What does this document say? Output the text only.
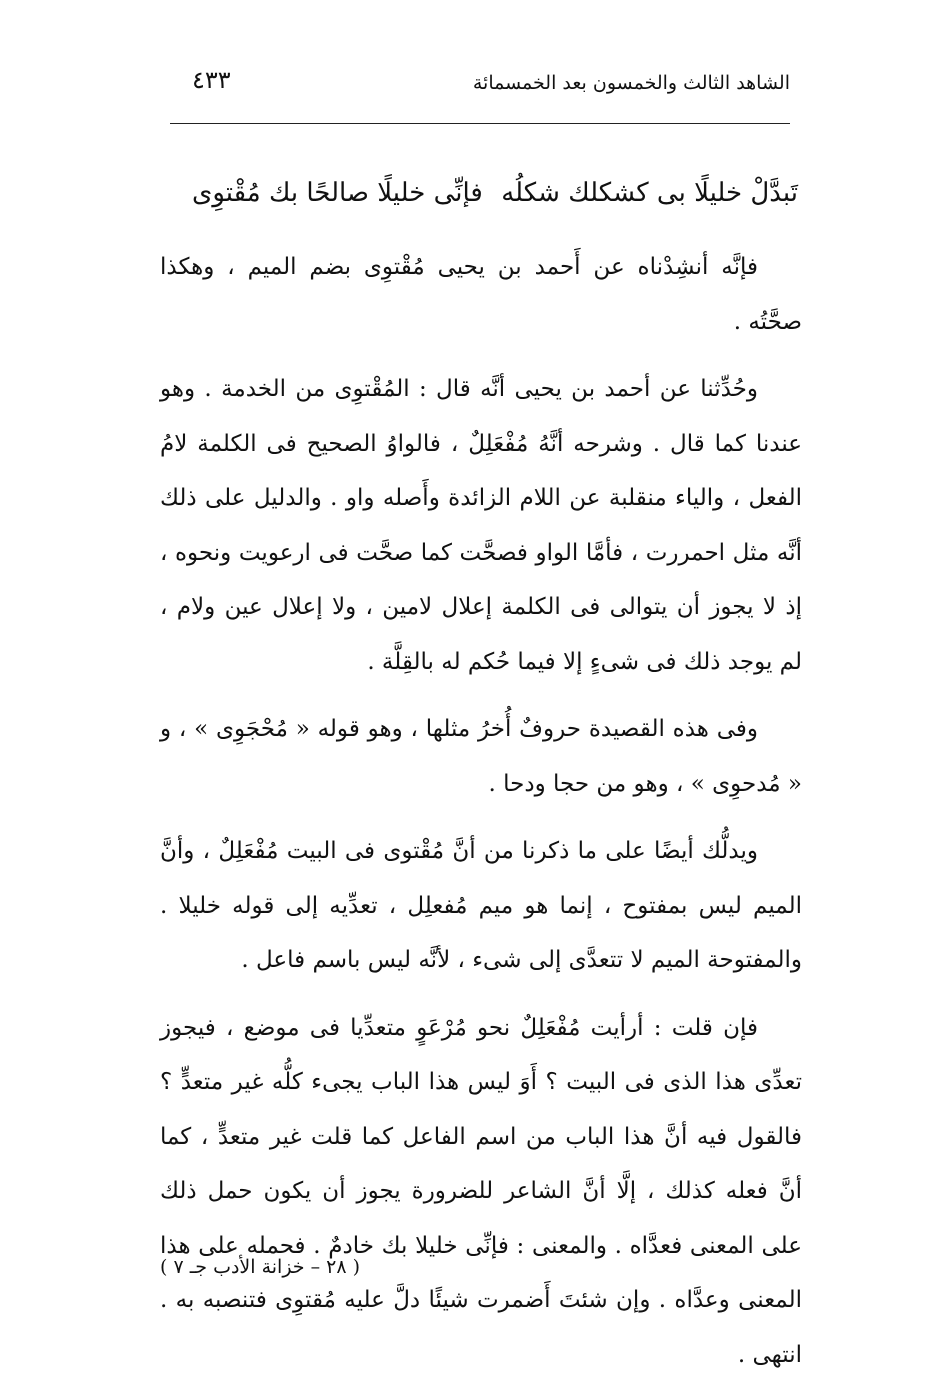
الشاهد الثالث والخمسون بعد الخمسمائة
٤٣٣
تَبدَّلْ خليلًا بى كشكلك شكلُه
فإنِّى خليلًا صالحًا بك مُقْتوِى

فإنَّه أنشِدْناه عن أَحمد بن يحيى مُقْتوِى بضم الميم ، وهكذا صحَّتُه .

وحُدِّثنا عن أحمد بن يحيى أنَّه قال : المُقْتوِى من الخدمة . وهو عندنا كما قال . وشرحه أنَّهُ مُفْعَلِلٌ ، فالواوُ الصحيح فى الكلمة لامُ الفعل ، والياء منقلبة عن اللام الزائدة وأَصله واو . والدليل على ذلك أنَّه مثل احمررت ، فأمَّا الواو فصحَّت كما صحَّت فى ارعويت ونحوه ، إذ لا يجوز أن يتوالى فى الكلمة إعلال لامين ، ولا إعلال عين ولام ، لم يوجد ذلك فى شىءٍ إلا فيما حُكم له بالقِلَّة .

وفى هذه القصيدة حروفٌ أُخرُ مثلها ، وهو قوله « مُحْجَوِى » ، و « مُدحوِى » ، وهو من حجا ودحا .

ويدلُّك أيضًا على ما ذكرنا من أنَّ مُقْتوى فى البيت مُفْعَلِلٌ ، وأنَّ الميم ليس بمفتوح ، إنما هو ميم مُفعلِل ، تعدِّيه إلى قوله خليلا . والمفتوحة الميم لا تتعدَّى إلى شىء ، لأنَّه ليس باسم فاعل .

فإن قلت : أرأيت مُفْعَلِلٌ نحو مُرْعَوٍ متعدِّيا فى موضع ، فيجوز تعدِّى هذا الذى فى البيت ؟ أَوَ ليس هذا الباب يجىء كلُّه غير متعدٍّ ؟ فالقول فيه أنَّ هذا الباب من اسم الفاعل كما قلت غير متعدٍّ ، كما أنَّ فعله كذلك ، إلَّا أنَّ الشاعر للضرورة يجوز أن يكون حمل ذلك على المعنى فعدَّاه . والمعنى : فإنِّى خليلا بك خادمٌ . فحمله على هذا المعنى وعدَّاه . وإن شئتَ أَضمرت شيئًا دلَّ عليه مُقتوِى فتنصبه به . انتهى .

( ٢٨ – خزانة الأدب جـ ٧ )
